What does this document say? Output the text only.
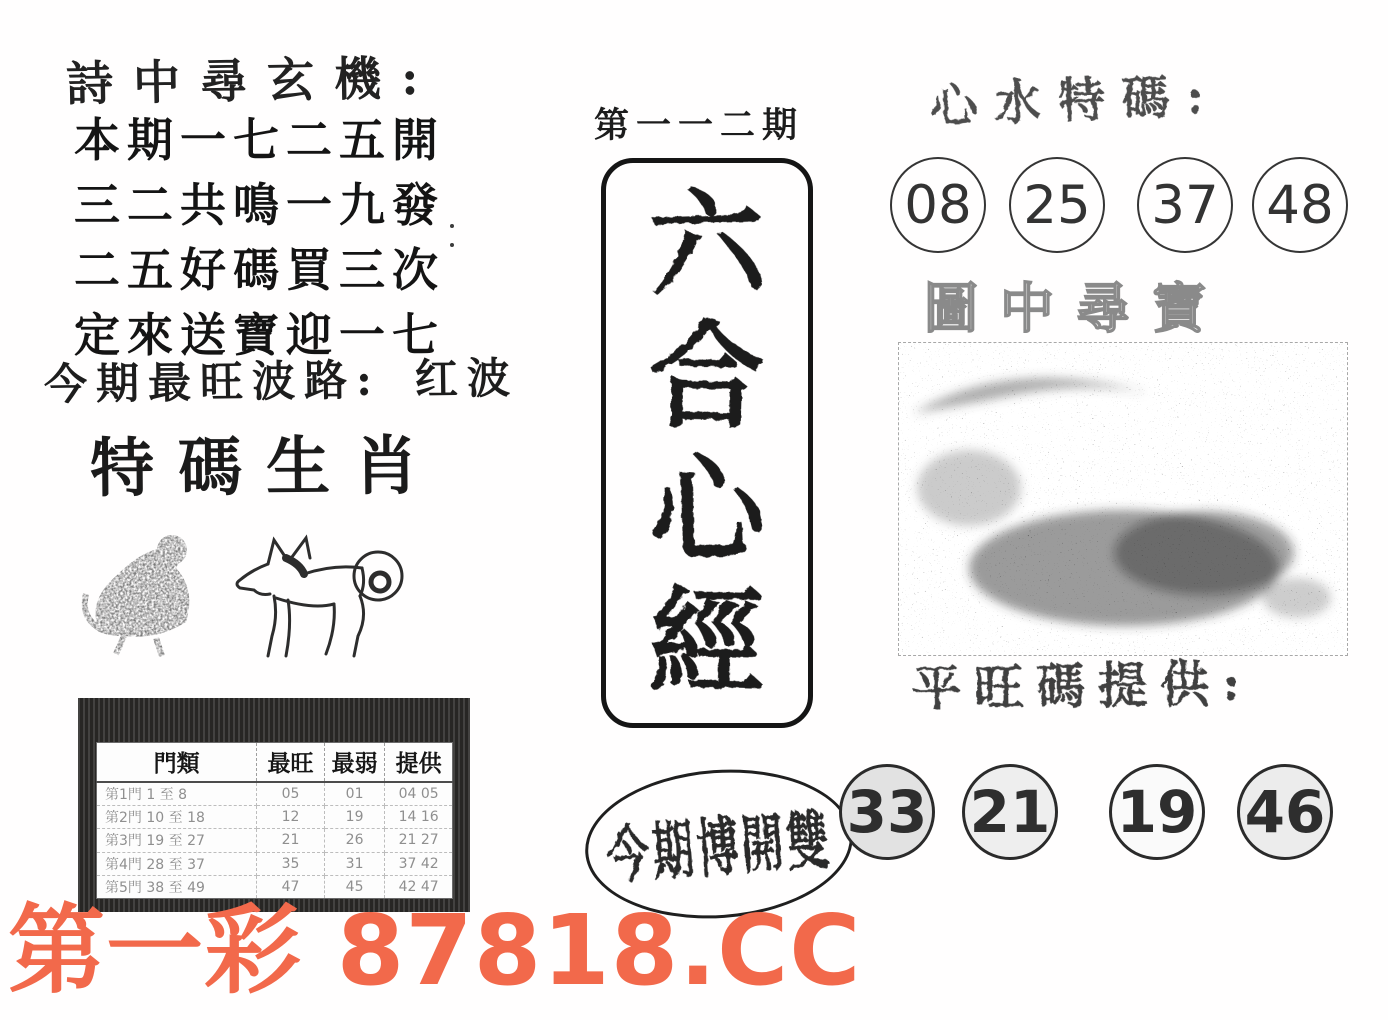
詩中尋玄機:
本期一七二五開
三二共鳴一九發
二五好碼買三次
定來送寶迎一七
今期最旺波路: 红波
特碼生肖
門類	最旺	最弱	提供
第1門 1 至 8	05	01	04 05
第2門 10 至 18	12	19	14 16
第3門 19 至 27	21	26	21 27
第4門 28 至 37	35	31	37 42
第5門 38 至 49	47	45	42 47
第一一二期
六
合
心
經
今期博開雙
心水特碼:
08 25 37 48
圖中尋寶
平旺碼提供:
33 21 19 46
第一彩 87818.CC
